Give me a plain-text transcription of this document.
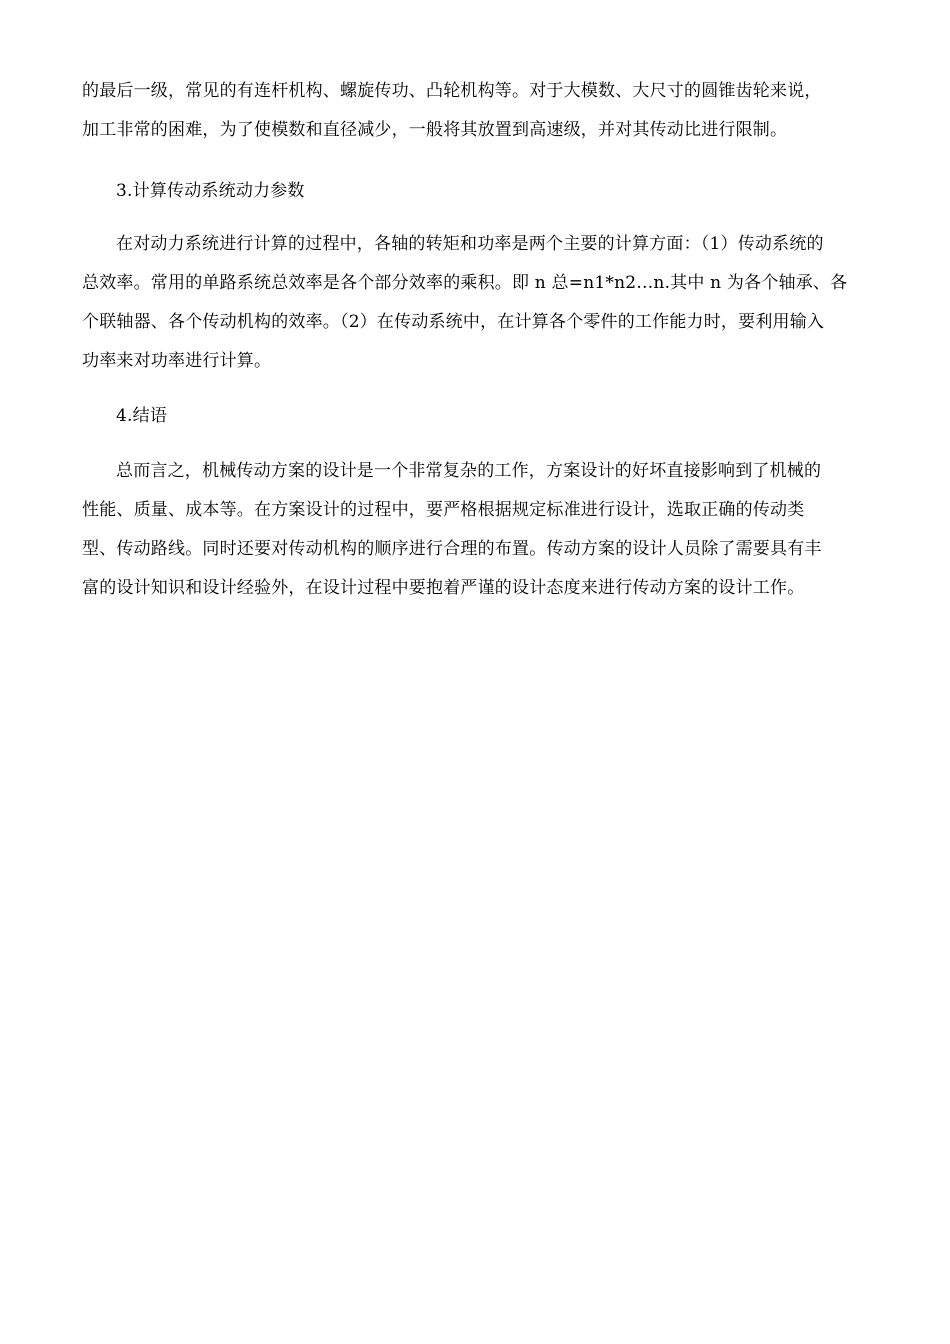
的最后一级，常见的有连杆机构、螺旋传功、凸轮机构等。对于大模数、大尺寸的圆锥齿轮来说，
加工非常的困难，为了使模数和直径减少，一般将其放置到高速级，并对其传动比进行限制。
3.计算传动系统动力参数
在对动力系统进行计算的过程中，各轴的转矩和功率是两个主要的计算方面：（1）传动系统的
总效率。常用的单路系统总效率是各个部分效率的乘积。即 n 总=n1*n2…n.其中 n 为各个轴承、各
个联轴器、各个传动机构的效率。（2）在传动系统中，在计算各个零件的工作能力时，要利用输入
功率来对功率进行计算。
4.结语
总而言之，机械传动方案的设计是一个非常复杂的工作，方案设计的好坏直接影响到了机械的
性能、质量、成本等。在方案设计的过程中，要严格根据规定标准进行设计，选取正确的传动类
型、传动路线。同时还要对传动机构的顺序进行合理的布置。传动方案的设计人员除了需要具有丰
富的设计知识和设计经验外，在设计过程中要抱着严谨的设计态度来进行传动方案的设计工作。
